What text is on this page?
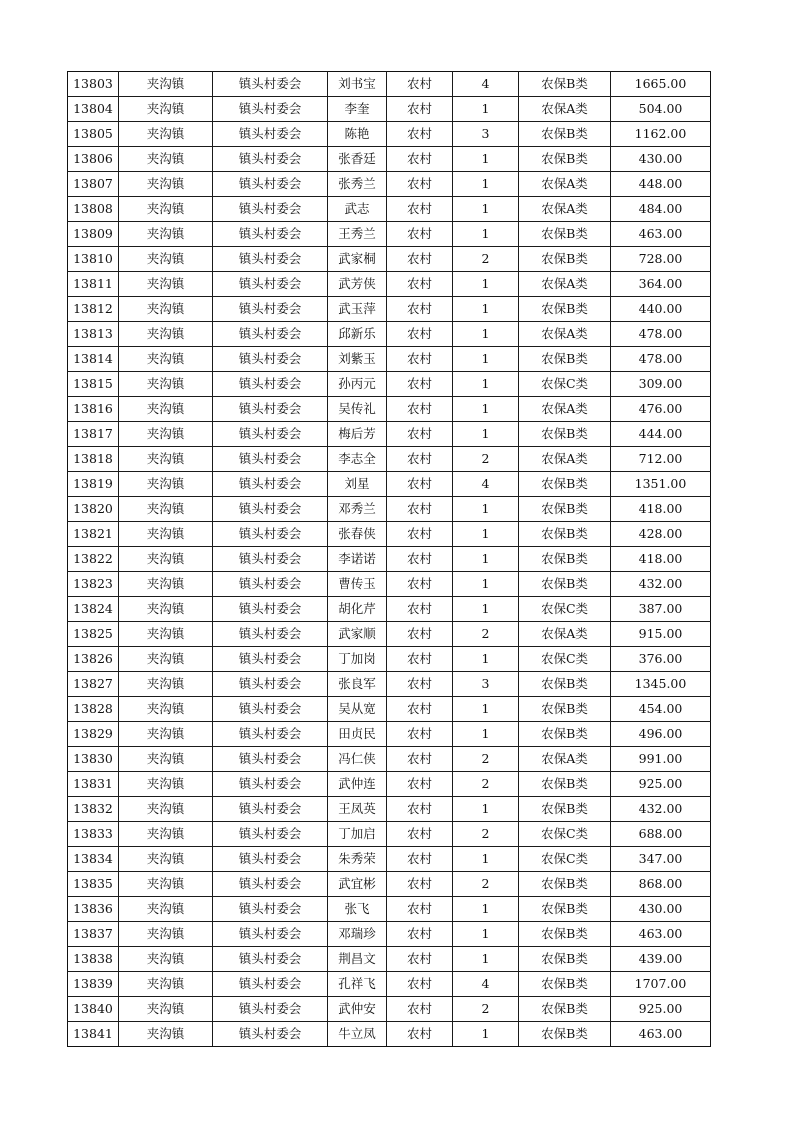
13803	夹沟镇	镇头村委会	刘书宝	农村	4	农保B类	1665.00
13804	夹沟镇	镇头村委会	李奎	农村	1	农保A类	504.00
13805	夹沟镇	镇头村委会	陈艳	农村	3	农保B类	1162.00
13806	夹沟镇	镇头村委会	张香廷	农村	1	农保B类	430.00
13807	夹沟镇	镇头村委会	张秀兰	农村	1	农保A类	448.00
13808	夹沟镇	镇头村委会	武志	农村	1	农保A类	484.00
13809	夹沟镇	镇头村委会	王秀兰	农村	1	农保B类	463.00
13810	夹沟镇	镇头村委会	武家桐	农村	2	农保B类	728.00
13811	夹沟镇	镇头村委会	武芳侠	农村	1	农保A类	364.00
13812	夹沟镇	镇头村委会	武玉萍	农村	1	农保B类	440.00
13813	夹沟镇	镇头村委会	邱新乐	农村	1	农保A类	478.00
13814	夹沟镇	镇头村委会	刘紫玉	农村	1	农保B类	478.00
13815	夹沟镇	镇头村委会	孙丙元	农村	1	农保C类	309.00
13816	夹沟镇	镇头村委会	吴传礼	农村	1	农保A类	476.00
13817	夹沟镇	镇头村委会	梅后芳	农村	1	农保B类	444.00
13818	夹沟镇	镇头村委会	李志全	农村	2	农保A类	712.00
13819	夹沟镇	镇头村委会	刘星	农村	4	农保B类	1351.00
13820	夹沟镇	镇头村委会	邓秀兰	农村	1	农保B类	418.00
13821	夹沟镇	镇头村委会	张春侠	农村	1	农保B类	428.00
13822	夹沟镇	镇头村委会	李诺诺	农村	1	农保B类	418.00
13823	夹沟镇	镇头村委会	曹传玉	农村	1	农保B类	432.00
13824	夹沟镇	镇头村委会	胡化芹	农村	1	农保C类	387.00
13825	夹沟镇	镇头村委会	武家顺	农村	2	农保A类	915.00
13826	夹沟镇	镇头村委会	丁加岗	农村	1	农保C类	376.00
13827	夹沟镇	镇头村委会	张良军	农村	3	农保B类	1345.00
13828	夹沟镇	镇头村委会	吴从宽	农村	1	农保B类	454.00
13829	夹沟镇	镇头村委会	田贞民	农村	1	农保B类	496.00
13830	夹沟镇	镇头村委会	冯仁侠	农村	2	农保A类	991.00
13831	夹沟镇	镇头村委会	武仲连	农村	2	农保B类	925.00
13832	夹沟镇	镇头村委会	王凤英	农村	1	农保B类	432.00
13833	夹沟镇	镇头村委会	丁加启	农村	2	农保C类	688.00
13834	夹沟镇	镇头村委会	朱秀荣	农村	1	农保C类	347.00
13835	夹沟镇	镇头村委会	武宜彬	农村	2	农保B类	868.00
13836	夹沟镇	镇头村委会	张飞	农村	1	农保B类	430.00
13837	夹沟镇	镇头村委会	邓瑞珍	农村	1	农保B类	463.00
13838	夹沟镇	镇头村委会	荆昌文	农村	1	农保B类	439.00
13839	夹沟镇	镇头村委会	孔祥飞	农村	4	农保B类	1707.00
13840	夹沟镇	镇头村委会	武仲安	农村	2	农保B类	925.00
13841	夹沟镇	镇头村委会	牛立凤	农村	1	农保B类	463.00
